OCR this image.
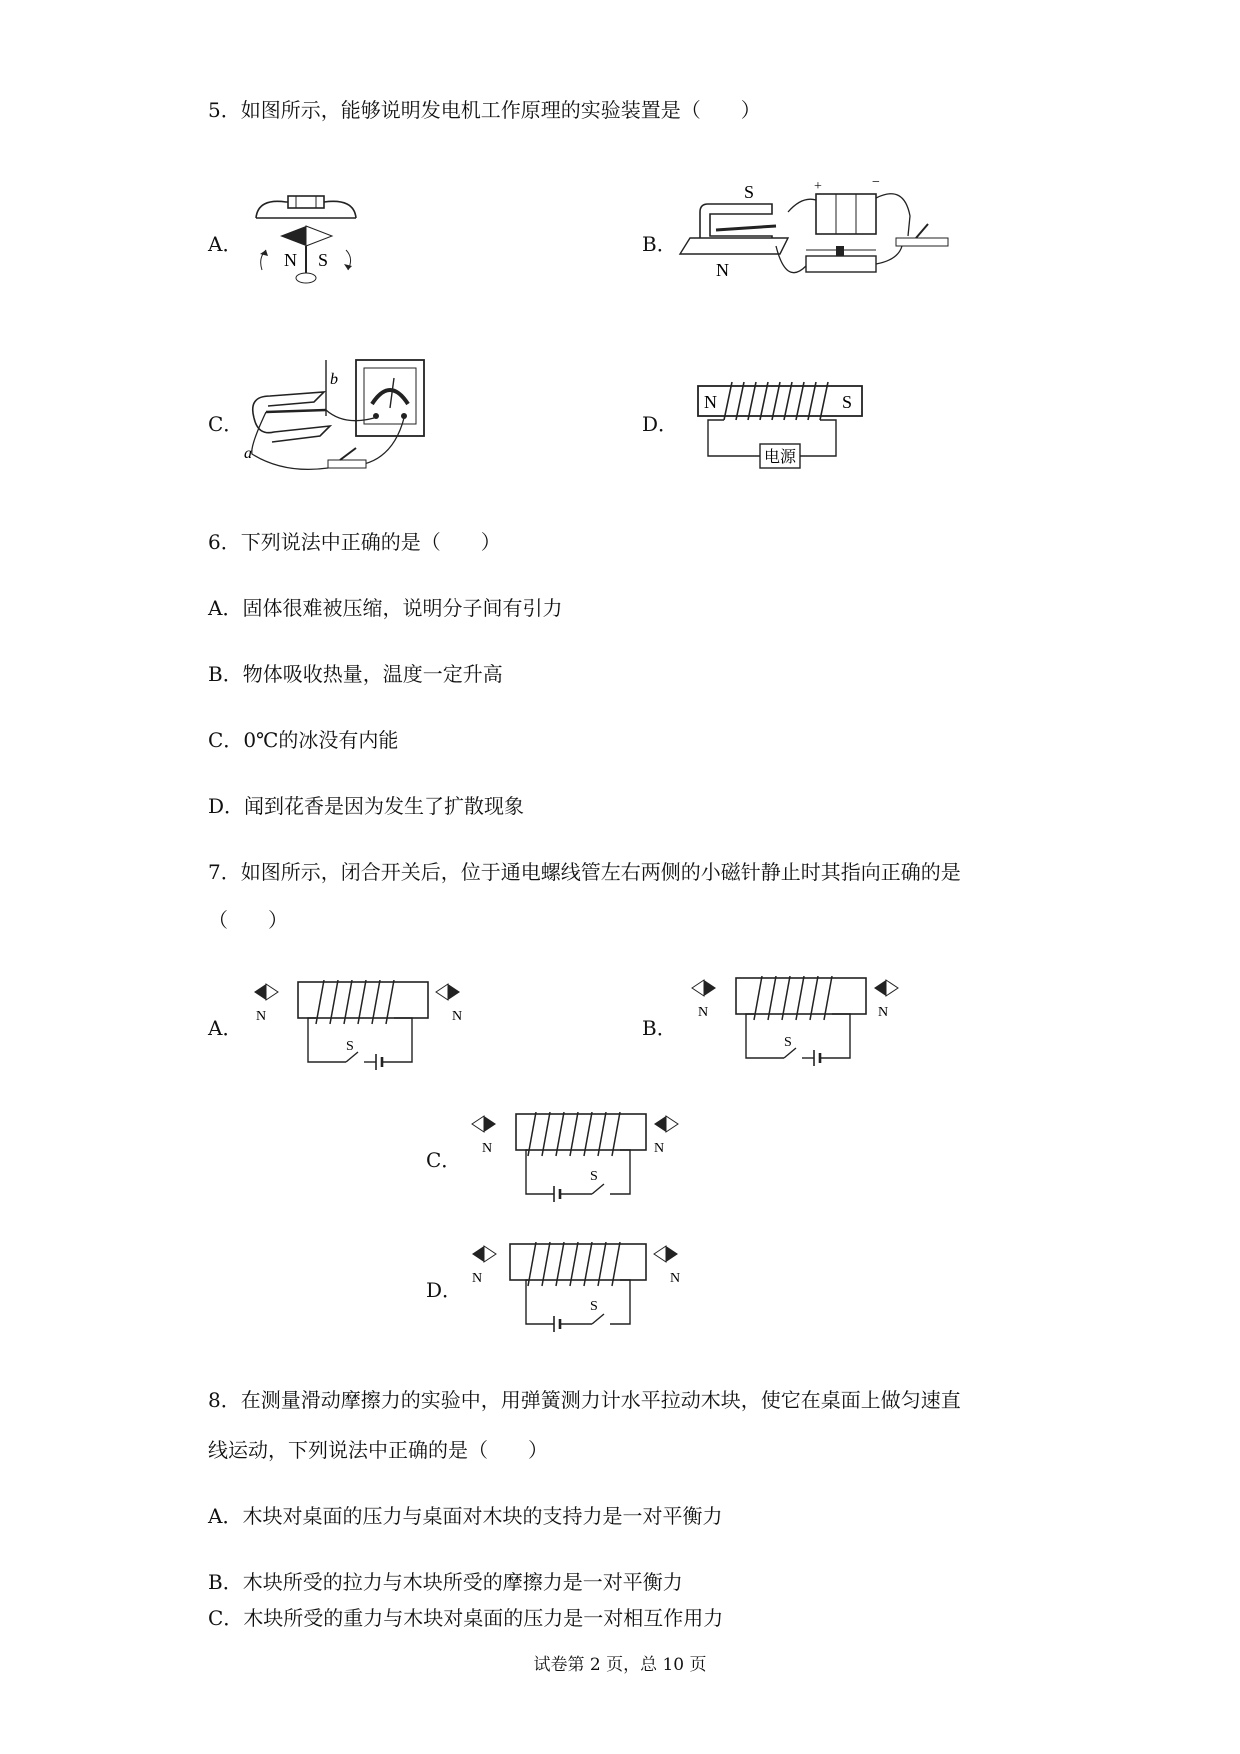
5．如图所示，能够说明发电机工作原理的实验装置是（　　）
A．
N S
B．
S
N
+	−
C．
b
a
D．
N	S
电源
6．下列说法中正确的是（　　）
A．固体很难被压缩，说明分子间有引力
B．物体吸收热量，温度一定升高
C．0℃的冰没有内能
D．闻到花香是因为发生了扩散现象
7．如图所示，闭合开关后，位于通电螺线管左右两侧的小磁针静止时其指向正确的是
（　　）
A． N	N
S
B．
N	N
S
C． N	N
S
D． N	N
S
8．在测量滑动摩擦力的实验中，用弹簧测力计水平拉动木块，使它在桌面上做匀速直
线运动，下列说法中正确的是（　　）
A．木块对桌面的压力与桌面对木块的支持力是一对平衡力
B．木块所受的拉力与木块所受的摩擦力是一对平衡力
试卷第 2 页，总 10 页
C．木块所受的重力与木块对桌面的压力是一对相互作用力
